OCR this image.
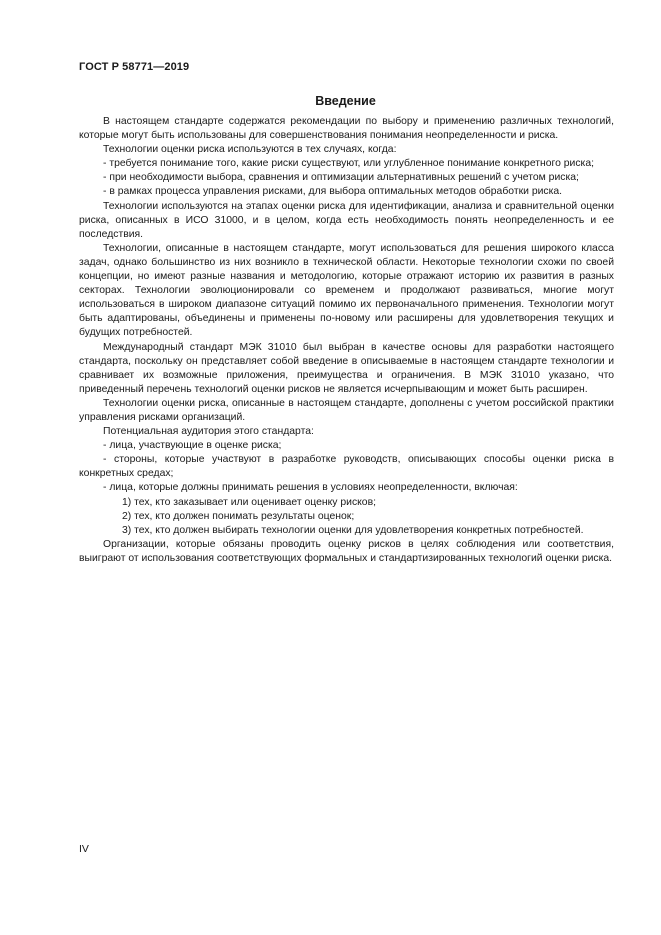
ГОСТ Р 58771—2019
Введение

В настоящем стандарте содержатся рекомендации по выбору и применению различных технологий, которые могут быть использованы для совершенствования понимания неопределенности и риска.

Технологии оценки риска используются в тех случаях, когда:

- требуется понимание того, какие риски существуют, или углубленное понимание конкретного риска;

- при необходимости выбора, сравнения и оптимизации альтернативных решений с учетом риска;

- в рамках процесса управления рисками, для выбора оптимальных методов обработки риска.

Технологии используются на этапах оценки риска для идентификации, анализа и сравнительной оценки риска, описанных в ИСО 31000, и в целом, когда есть необходимость понять неопределенность и ее последствия.

Технологии, описанные в настоящем стандарте, могут использоваться для решения широкого класса задач, однако большинство из них возникло в технической области. Некоторые технологии схожи по своей концепции, но имеют разные названия и методологию, которые отражают историю их развития в разных секторах. Технологии эволюционировали со временем и продолжают развиваться, многие могут использоваться в широком диапазоне ситуаций помимо их первоначального применения. Технологии могут быть адаптированы, объединены и применены по-новому или расширены для удовлетворения текущих и будущих потребностей.

Международный стандарт МЭК 31010 был выбран в качестве основы для разработки настоящего стандарта, поскольку он представляет собой введение в описываемые в настоящем стандарте технологии и сравнивает их возможные приложения, преимущества и ограничения. В МЭК 31010 указано, что приведенный перечень технологий оценки рисков не является исчерпывающим и может быть расширен.

Технологии оценки риска, описанные в настоящем стандарте, дополнены с учетом российской практики управления рисками организаций.

Потенциальная аудитория этого стандарта:

- лица, участвующие в оценке риска;

- стороны, которые участвуют в разработке руководств, описывающих способы оценки риска в конкретных средах;

- лица, которые должны принимать решения в условиях неопределенности, включая:

1) тех, кто заказывает или оценивает оценку рисков;

2) тех, кто должен понимать результаты оценок;

3) тех, кто должен выбирать технологии оценки для удовлетворения конкретных потребностей.

Организации, которые обязаны проводить оценку рисков в целях соблюдения или соответствия, выиграют от использования соответствующих формальных и стандартизированных технологий оценки риска.

IV
